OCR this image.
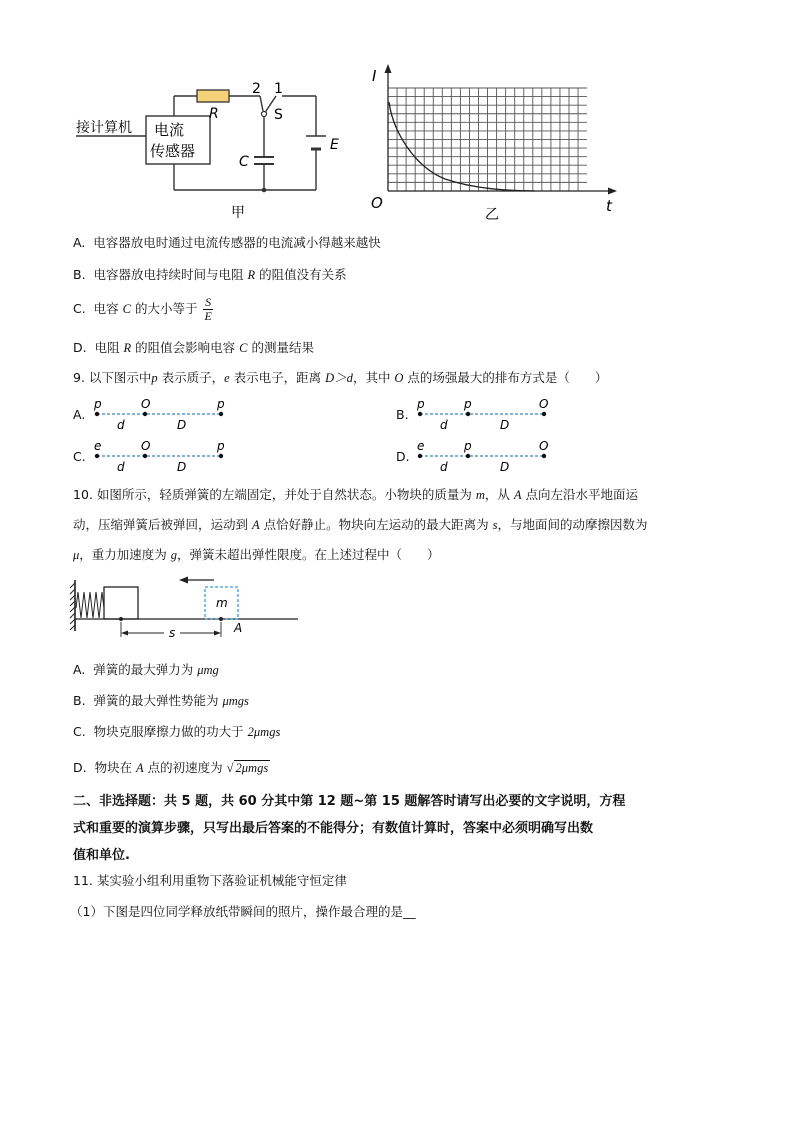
接计算机 电流
传感器
R
2 1
S
C
E
甲
I
t
O
乙
A. 电容器放电时通过电流传感器的电流减小得越来越快
B. 电容器放电持续时间与电阻 R 的阻值没有关系
C. 电容 C 的大小等于 $\frac{S}{E}$
D. 电阻 R 的阻值会影响电容 C 的测量结果
9. 以下图示中p 表示质子，e 表示电子，距离 D＞d，其中 O 点的场强最大的排布方式是（　　）
A.
p	O	p
d	D
B.
p	p	O
d	D
C.
e	O	p
d	D
D.
e	p	O
d	D
10. 如图所示，轻质弹簧的左端固定，并处于自然状态。小物块的质量为 m，从 A 点向左沿水平地面运
动，压缩弹簧后被弹回，运动到 A 点恰好静止。物块向左运动的最大距离为 s，与地面间的动摩擦因数为
μ，重力加速度为 g，弹簧未超出弹性限度。在上述过程中（　　）
m
s	A
A. 弹簧的最大弹力为 μmg
B. 弹簧的最大弹性势能为 μmgs
C. 物块克服摩擦力做的功大于 2μmgs
D. 物块在 A 点的初速度为 √ 2μmgs
二、非选择题：共 5 题，共 60 分其中第 12 题~第 15 题解答时请写出必要的文字说明，方程
式和重要的演算步骤，只写出最后答案的不能得分；有数值计算时，答案中必须明确写出数
值和单位.
11. 某实验小组利用重物下落验证机械能守恒定律
（1）下图是四位同学释放纸带瞬间的照片，操作最合理的是__
